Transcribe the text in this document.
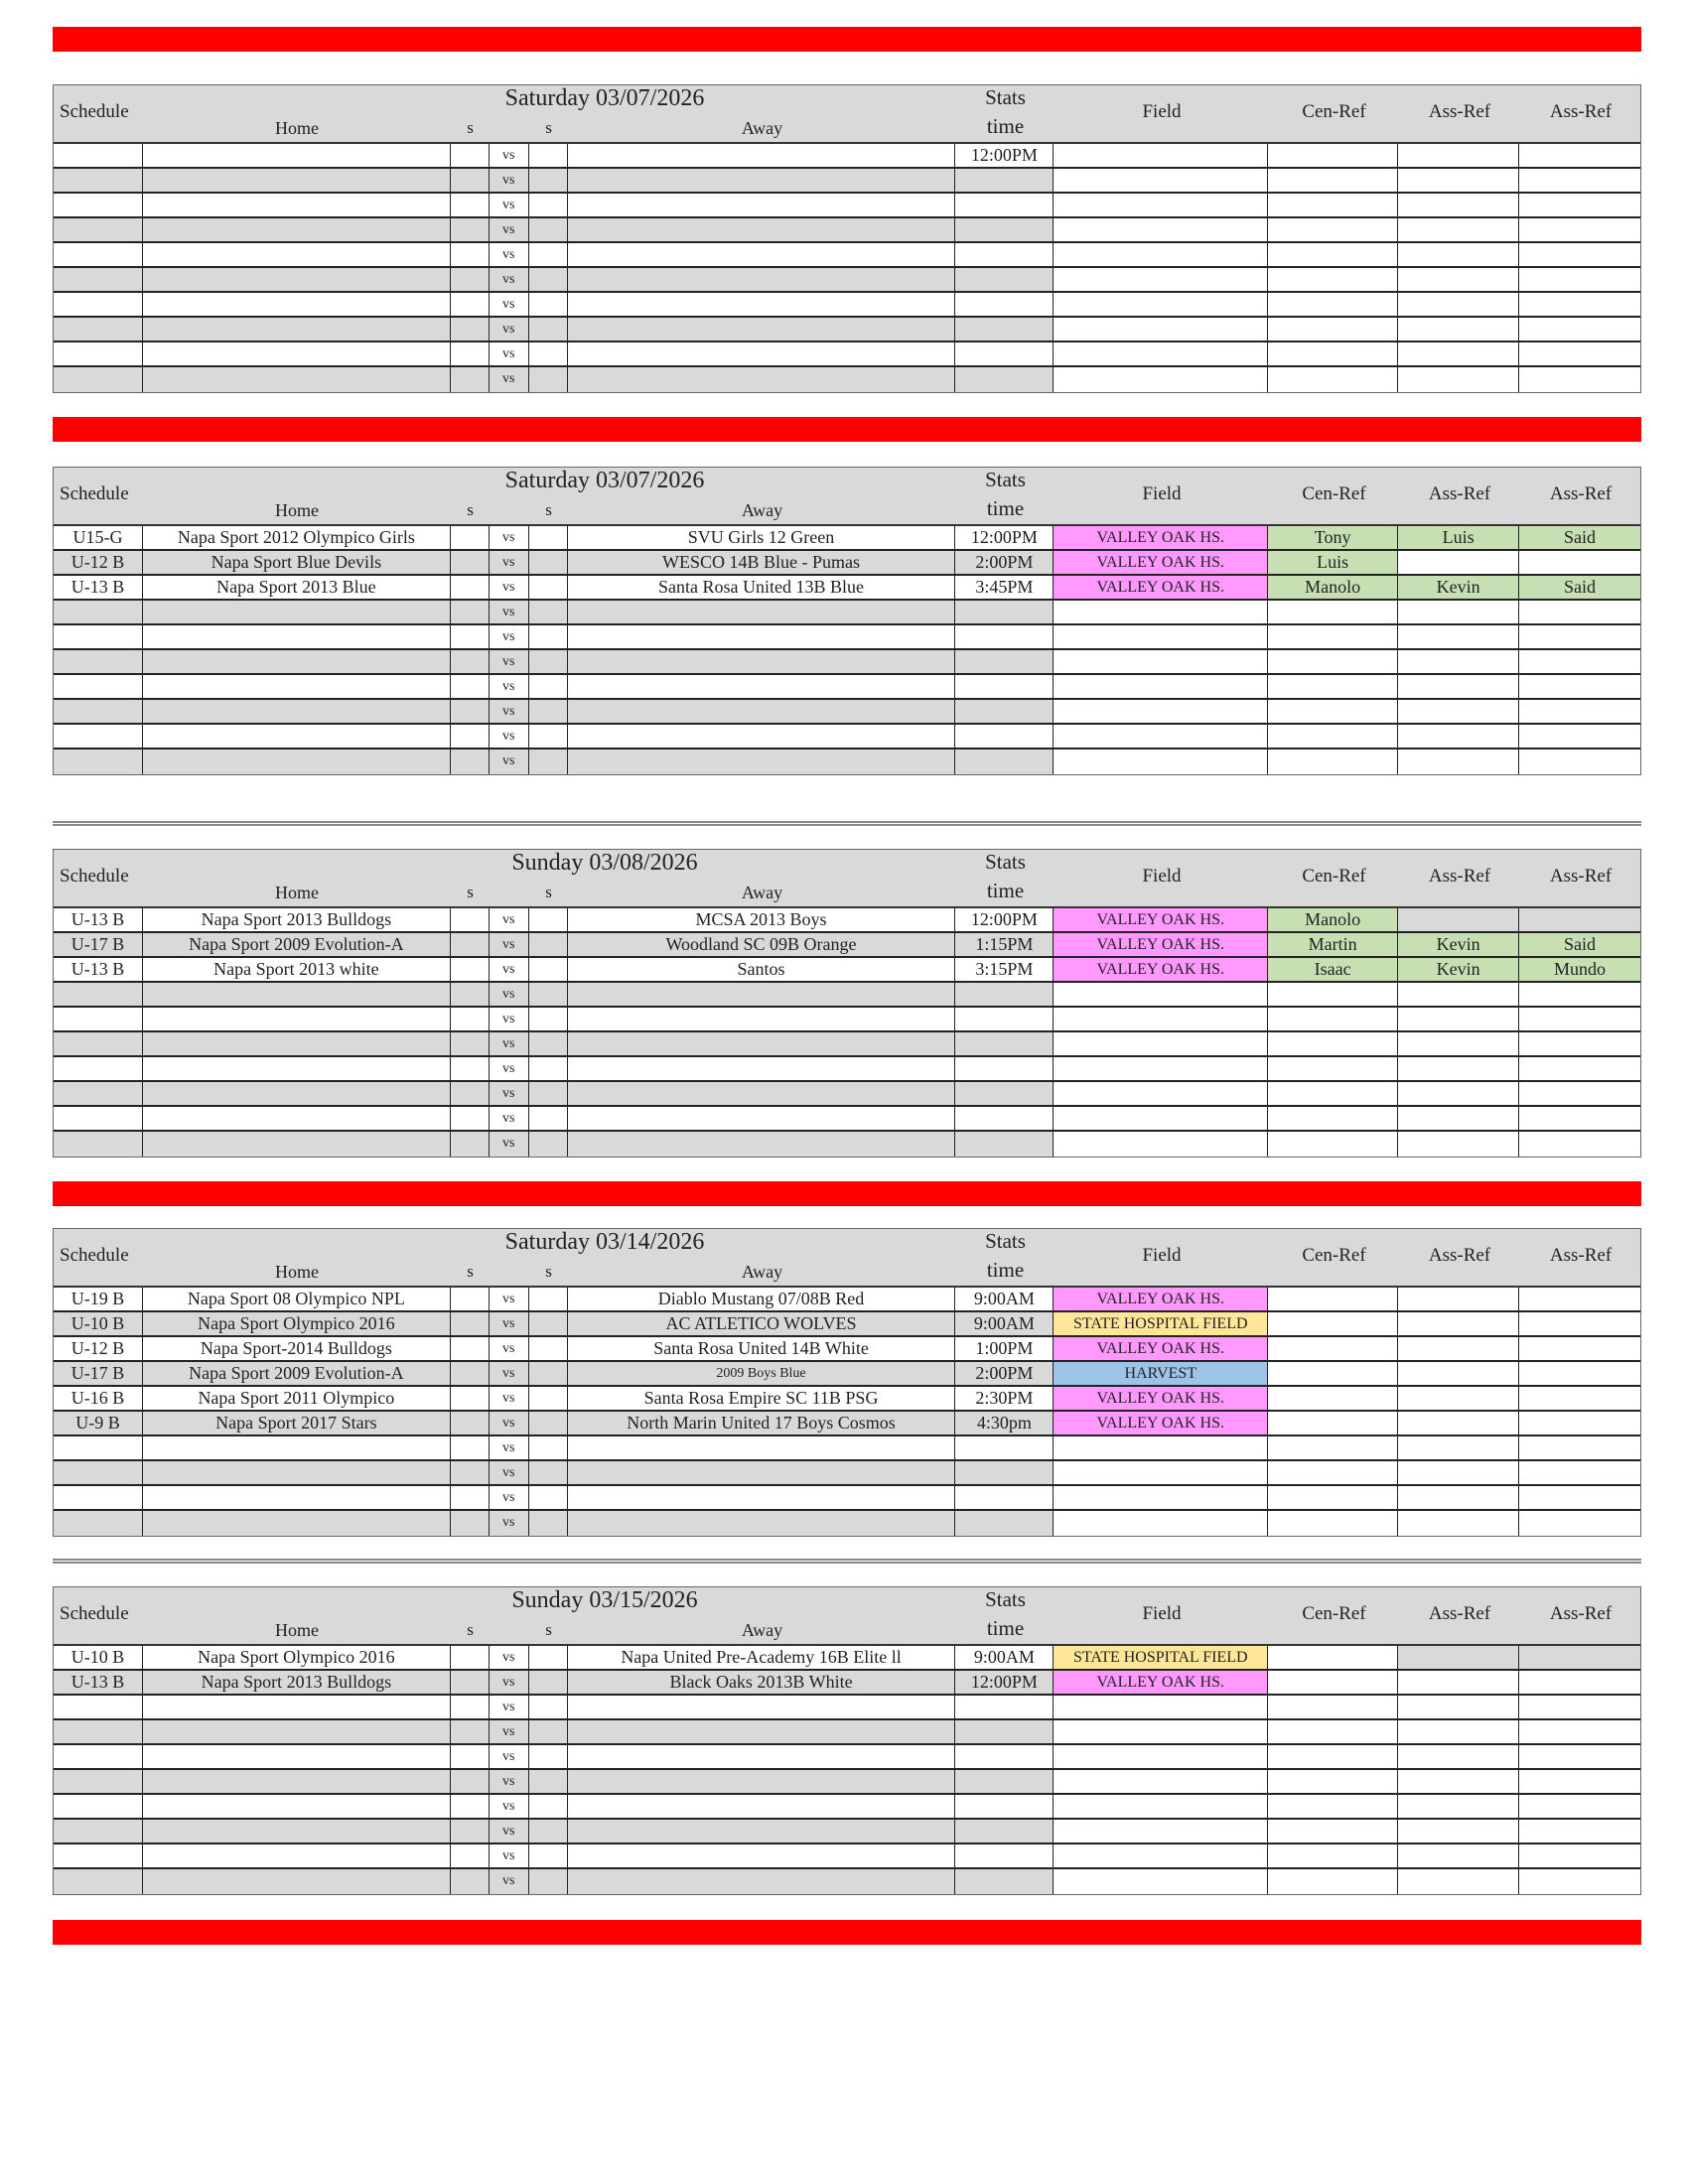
Schedule
Saturday 03/07/2026
Home	s	s	Away
Stats
time
Field	Cen-Ref	Ass-Ref	Ass-Ref
vs	12:00PM
vs
vs
vs
vs
vs
vs
vs
vs
vs
Schedule
Saturday 03/07/2026
Home	s	s	Away
Stats
time
Field	Cen-Ref	Ass-Ref	Ass-Ref
U15-G	Napa Sport 2012 Olympico Girls	vs	SVU Girls 12 Green	12:00PM	VALLEY OAK HS.	Tony	Luis	Said
U-12 B	Napa Sport Blue Devils	vs	WESCO 14B Blue - Pumas	2:00PM	VALLEY OAK HS.	Luis
U-13 B	Napa Sport 2013 Blue	vs	Santa Rosa United 13B Blue	3:45PM	VALLEY OAK HS.	Manolo	Kevin	Said
vs
vs
vs
vs
vs
vs
vs
Schedule
Sunday 03/08/2026
Home	s	s	Away
Stats
time
Field	Cen-Ref	Ass-Ref	Ass-Ref
U-13 B	Napa Sport 2013 Bulldogs	vs	MCSA 2013 Boys	12:00PM	VALLEY OAK HS.	Manolo
U-17 B	Napa Sport 2009 Evolution-A	vs	Woodland SC 09B Orange	1:15PM	VALLEY OAK HS.	Martin	Kevin	Said
U-13 B	Napa Sport 2013 white	vs	Santos	3:15PM	VALLEY OAK HS.	Isaac	Kevin	Mundo
vs
vs
vs
vs
vs
vs
vs
Schedule
Saturday 03/14/2026
Home	s	s	Away
Stats
time
Field	Cen-Ref	Ass-Ref	Ass-Ref
U-19 B	Napa Sport 08 Olympico NPL	vs	Diablo Mustang 07/08B Red	9:00AM	VALLEY OAK HS.
U-10 B	Napa Sport Olympico 2016	vs	AC ATLETICO WOLVES	9:00AM	STATE HOSPITAL FIELD
U-12 B	Napa Sport-2014 Bulldogs	vs	Santa Rosa United 14B White	1:00PM	VALLEY OAK HS.
U-17 B	Napa Sport 2009 Evolution-A	vs	2009 Boys Blue	2:00PM	HARVEST
U-16 B	Napa Sport 2011 Olympico	vs	Santa Rosa Empire SC 11B PSG	2:30PM	VALLEY OAK HS.
U-9 B	Napa Sport 2017 Stars	vs	North Marin United 17 Boys Cosmos	4:30pm	VALLEY OAK HS.
vs
vs
vs
vs
Schedule
Sunday 03/15/2026
Home	s	s	Away
Stats
time
Field	Cen-Ref	Ass-Ref	Ass-Ref
U-10 B	Napa Sport Olympico 2016	vs	Napa United Pre-Academy 16B Elite ll	9:00AM	STATE HOSPITAL FIELD
U-13 B	Napa Sport 2013 Bulldogs	vs	Black Oaks 2013B White	12:00PM	VALLEY OAK HS.
vs
vs
vs
vs
vs
vs
vs
vs
